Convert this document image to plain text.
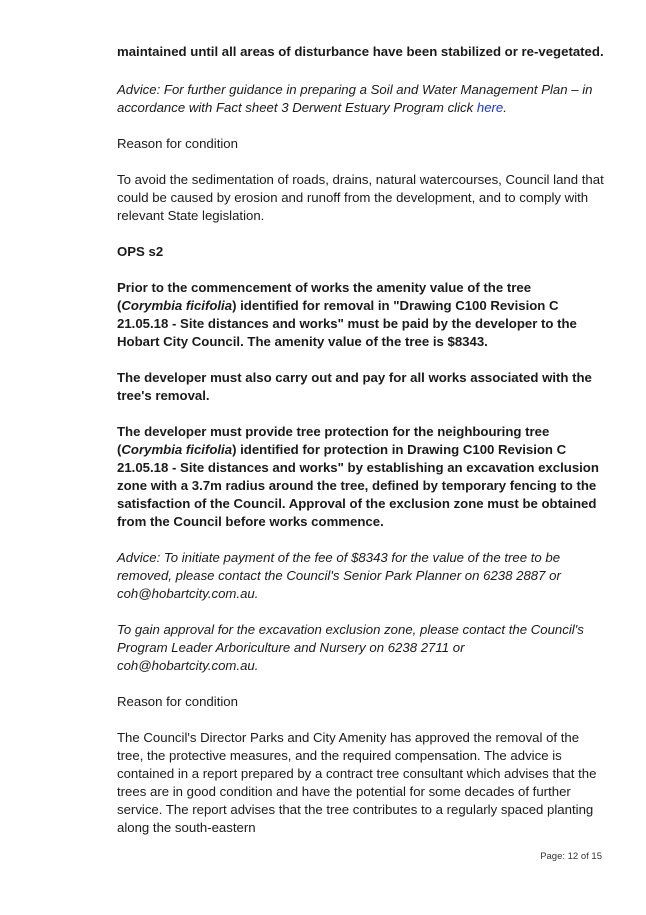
maintained until all areas of disturbance have been stabilized or re-vegetated.

Advice: For further guidance in preparing a Soil and Water Management Plan – in accordance with Fact sheet 3 Derwent Estuary Program click here.

Reason for condition

To avoid the sedimentation of roads, drains, natural watercourses, Council land that could be caused by erosion and runoff from the development, and to comply with relevant State legislation.

OPS s2

Prior to the commencement of works the amenity value of the tree (Corymbia ficifolia) identified for removal in "Drawing C100 Revision C 21.05.18 - Site distances and works" must be paid by the developer to the Hobart City Council. The amenity value of the tree is $8343.

The developer must also carry out and pay for all works associated with the tree's removal.

The developer must provide tree protection for the neighbouring tree (Corymbia ficifolia) identified for protection in Drawing C100 Revision C 21.05.18 - Site distances and works" by establishing an excavation exclusion zone with a 3.7m radius around the tree, defined by temporary fencing to the satisfaction of the Council. Approval of the exclusion zone must be obtained from the Council before works commence.

Advice: To initiate payment of the fee of $8343 for the value of the tree to be removed, please contact the Council's Senior Park Planner on 6238 2887 or coh@hobartcity.com.au.

To gain approval for the excavation exclusion zone, please contact the Council's Program Leader Arboriculture and Nursery on 6238 2711 or coh@hobartcity.com.au.

Reason for condition

The Council's Director Parks and City Amenity has approved the removal of the tree, the protective measures, and the required compensation. The advice is contained in a report prepared by a contract tree consultant which advises that the trees are in good condition and have the potential for some decades of further service. The report advises that the tree contributes to a regularly spaced planting along the south-eastern

Page: 12 of 15
